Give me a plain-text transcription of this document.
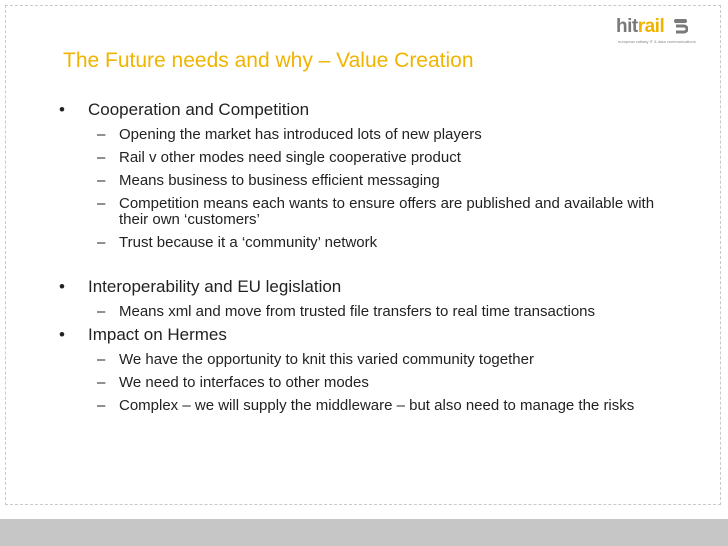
hitrail
european railway IT & data communications
The Future needs and why – Value Creation
• Cooperation and Competition
– Opening the market has introduced lots of new players
– Rail v other modes need single cooperative product
– Means business to business efficient messaging
– Competition means each wants to ensure offers are published and available with their own ‘customers’
– Trust because it a ‘community’ network
• Interoperability and EU legislation
– Means xml and move from trusted file transfers to real time transactions
• Impact on Hermes
– We have the opportunity to knit this varied community together
– We need to interfaces to other modes
– Complex – we will supply the middleware – but also need to manage the risks
